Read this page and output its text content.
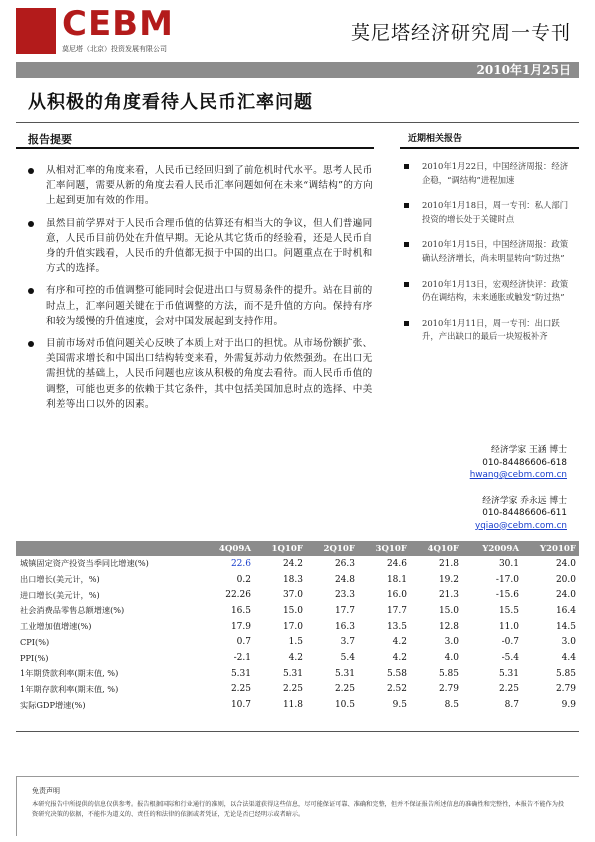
CEBM
莫尼塔（北京）投资发展有限公司
莫尼塔经济研究周一专刊
2010年1月25日
从积极的角度看待人民币汇率问题
报告提要
从相对汇率的角度来看，人民币已经回归到了前危机时代水平。思考人民币汇率问题，需要从新的角度去看人民币汇率问题如何在未来“调结构”的方向上起到更加有效的作用。
虽然目前学界对于人民币合理币值的估算还有相当大的争议，但人们普遍同意，人民币目前仍处在升值早期。无论从其它货币的经验看，还是人民币自身的升值实践看，人民币的升值都无损于中国的出口。问题重点在于时机和方式的选择。
有序和可控的币值调整可能同时会促进出口与贸易条件的提升。站在目前的时点上，汇率问题关键在于币值调整的方法，而不是升值的方向。保持有序和较为缓慢的升值速度，会对中国发展起到支持作用。
目前市场对币值问题关心反映了本质上对于出口的担忧。从市场份额扩张、美国需求增长和中国出口结构转变来看，外需复苏动力依然强劲。在出口无需担忧的基础上，人民币问题也应该从积极的角度去看待。而人民币币值的调整，可能也更多的依赖于其它条件，其中包括美国加息时点的选择、中美利差等出口以外的因素。
近期相关报告
2010年1月22日，中国经济周报：经济企稳，“调结构”进程加速
2010年1月18日，周一专刊：私人部门投资的增长处于关键时点
2010年1月15日，中国经济周报：政策确认经济增长，尚未明显转向“防过热”
2010年1月13日，宏观经济快评：政策仍在调结构，未来通胀或触发“防过热”
2010年1月11日，周一专刊：出口跃升，产出缺口的最后一块短板补齐
经济学家 王涵 博士
010-84486606-618
hwang@cebm.com.cn
经济学家 乔永远 博士
010-84486606-611
yqiao@cebm.com.cn
	4Q09A	1Q10F	2Q10F	3Q10F	4Q10F	Y2009A	Y2010F
城镇固定资产投资当季同比增速(%)	22.6	24.2	26.3	24.6	21.8	30.1	24.0
出口增长(美元计，%)	0.2	18.3	24.8	18.1	19.2	-17.0	20.0
进口增长(美元计，%)	22.26	37.0	23.3	16.0	21.3	-15.6	24.0
社会消费品零售总额增速(%)	16.5	15.0	17.7	17.7	15.0	15.5	16.4
工业增加值增速(%)	17.9	17.0	16.3	13.5	12.8	11.0	14.5
CPI(%)	0.7	1.5	3.7	4.2	3.0	-0.7	3.0
PPI(%)	-2.1	4.2	5.4	4.2	4.0	-5.4	4.4
1年期贷款利率(期末值, %)	5.31	5.31	5.31	5.58	5.85	5.31	5.85
1年期存款利率(期末值, %)	2.25	2.25	2.25	2.52	2.79	2.25	2.79
实际GDP增速(%)	10.7	11.8	10.5	9.5	8.5	8.7	9.9
免责声明
本研究报告中所提供的信息仅供参考。报告根据国际和行业通行的准则，以合法渠道获得这些信息，尽可能保证可靠、准确和完整，但并不保证报告所述信息的准确性和完整性，本报告不能作为投资研究决策的依据，不能作为道义的、责任的和法律的依据或者凭证，无论是否已经明示或者暗示。
